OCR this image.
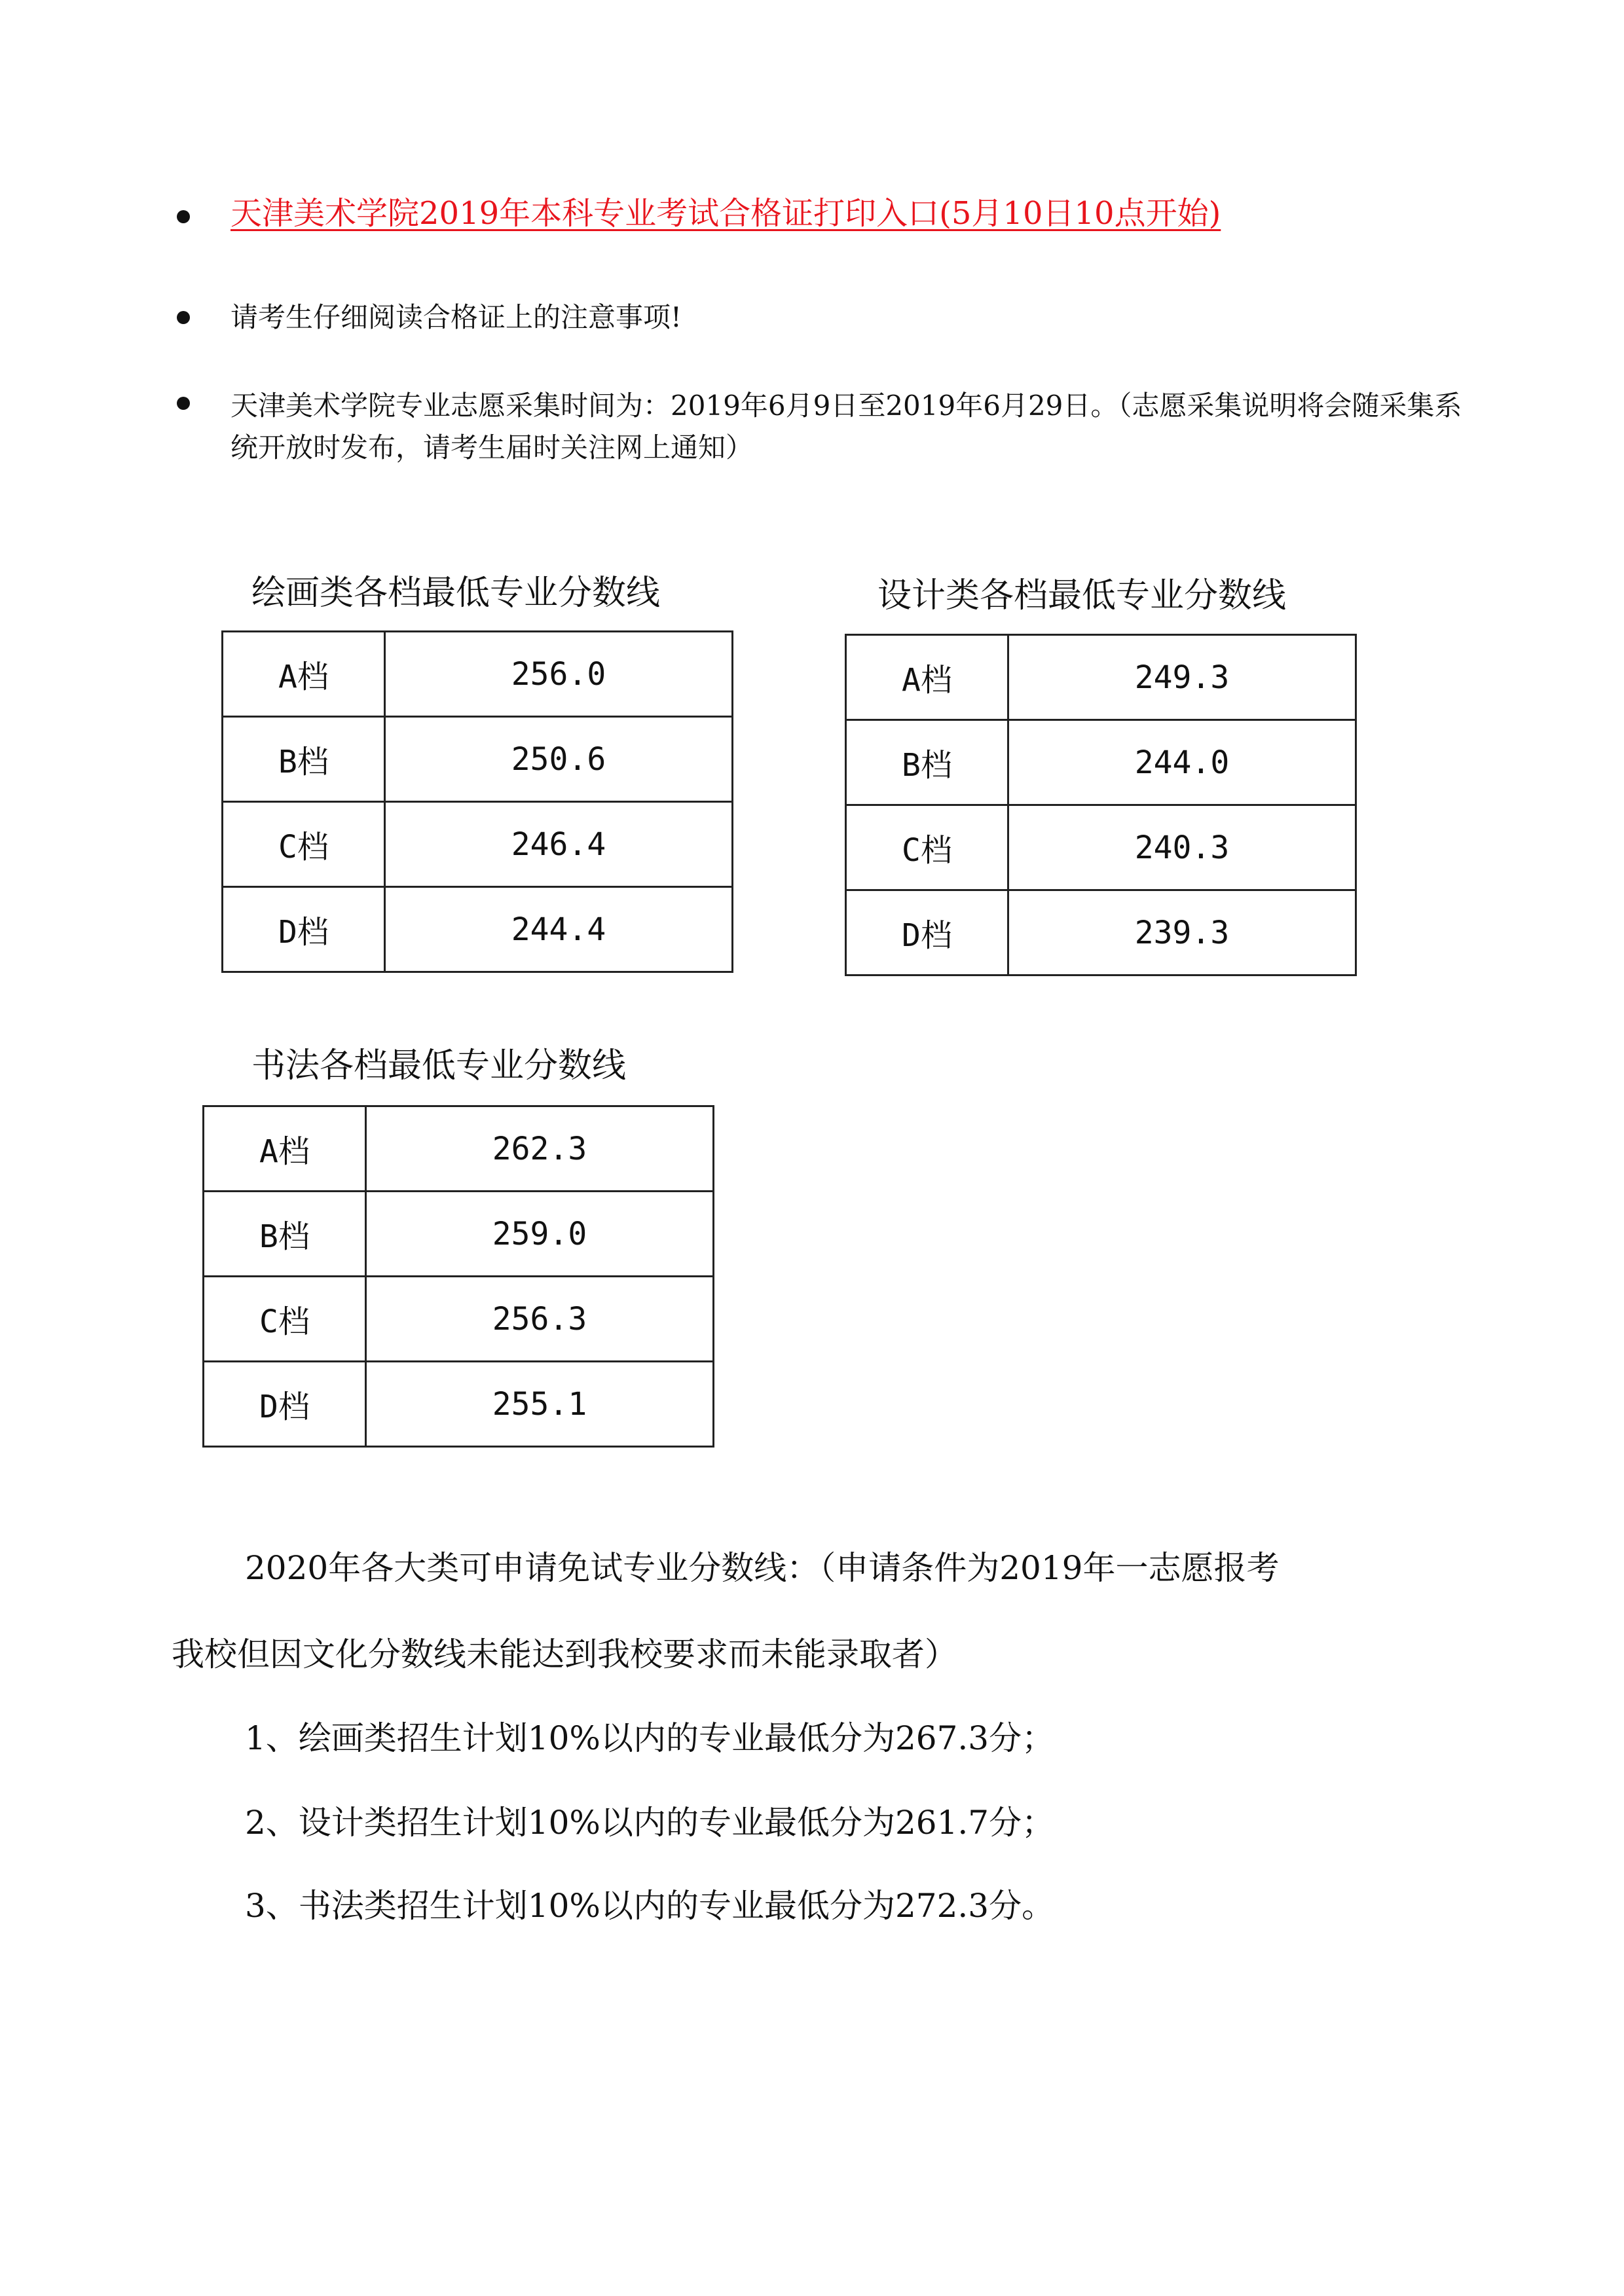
天津美术学院2019年本科专业考试合格证打印入口(5月10日10点开始)
请考生仔细阅读合格证上的注意事项!
天津美术学院专业志愿采集时间为：2019年6月9日至2019年6月29日。（志愿采集说明将会随采集系统开放时发布，请考生届时关注网上通知）
绘画类各档最低专业分数线
A档	256.0
B档	250.6
C档	246.4
D档	244.4
设计类各档最低专业分数线
A档	249.3
B档	244.0
C档	240.3
D档	239.3
书法各档最低专业分数线
A档	262.3
B档	259.0
C档	256.3
D档	255.1
2020年各大类可申请免试专业分数线：（申请条件为2019年一志愿报考
我校但因文化分数线未能达到我校要求而未能录取者）
1、绘画类招生计划10%以内的专业最低分为267.3分；
2、设计类招生计划10%以内的专业最低分为261.7分；
3、书法类招生计划10%以内的专业最低分为272.3分。
